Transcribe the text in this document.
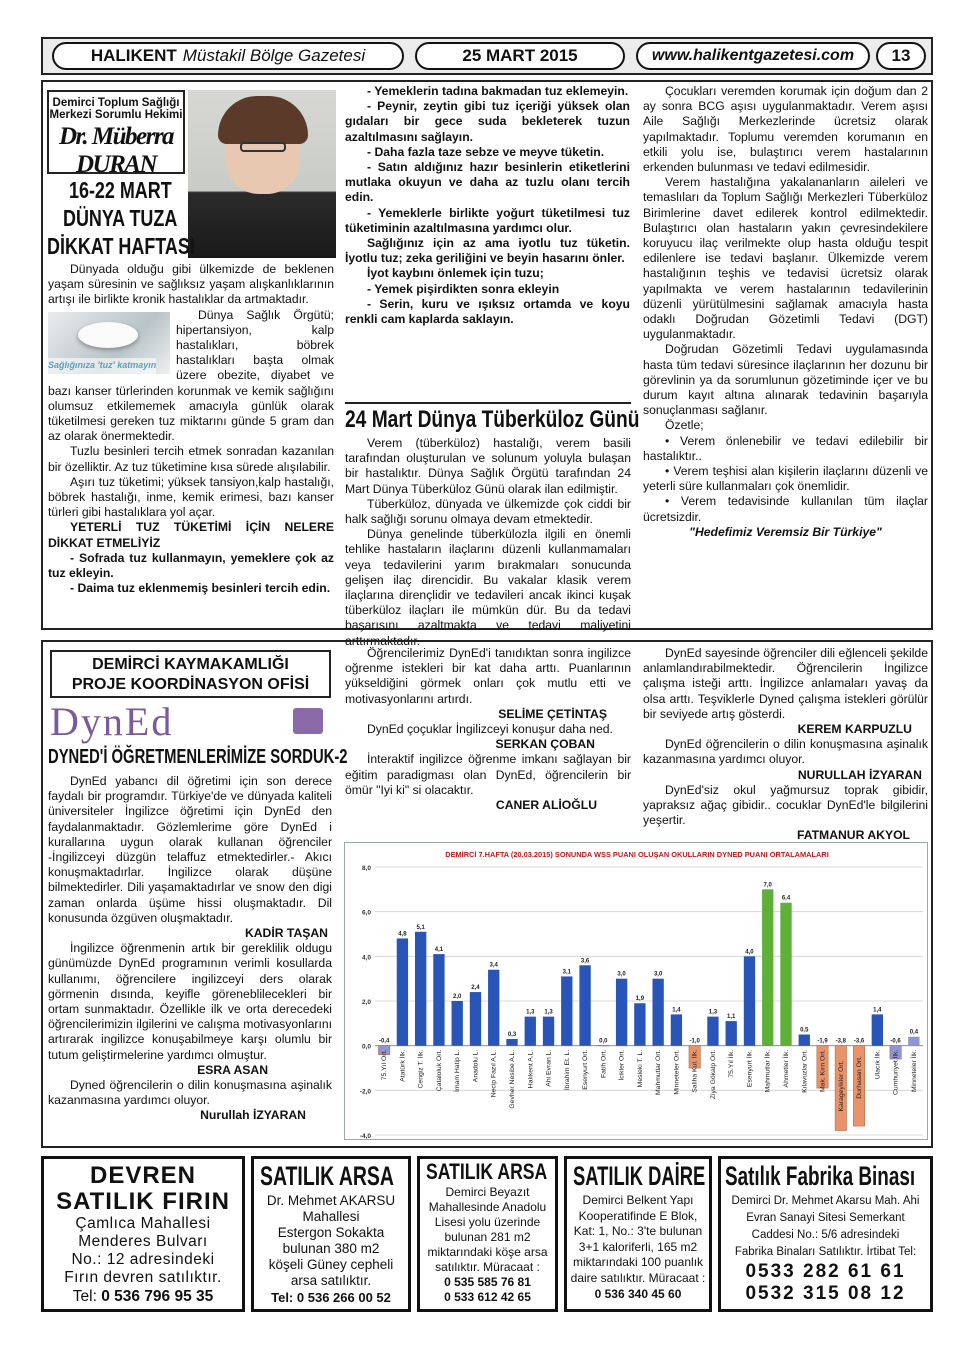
HALIKENT Müstakil Bölge Gazetesi	25 MART 2015	www.halikentgazetesi.com 13
Demirci Toplum Sağlığı
Merkezi Sorumlu Hekimi
Dr. Müberra DURAN
16-22 MART
DÜNYA TUZA
DİKKAT HAFTASI

Dünyada olduğu gibi ülkemizde de beklenen yaşam süresinin ve sağlıksız yaşam alışkanlıklarının artışı ile birlikte kronik hastalıklar da artmaktadır.

Sağlığınıza 'tuz' katmayın

Dünya Sağlık Örgütü; hipertansiyon, kalp hastalıkları, böbrek hastalıkları başta olmak üzere obezite, diyabet ve bazı kanser türlerinden korunmak ve kemik sağlığını olumsuz etkilememek amacıyla günlük olarak tüketilmesi gereken tuz miktarını günde 5 gram dan az olarak önermektedir.

Tuzlu besinleri tercih etmek sonradan kazanılan bir özelliktir. Az tuz tüketimine kısa sürede alışılabilir.

Aşırı tuz tüketimi; yüksek tansiyon,kalp hastalığı, böbrek hastalığı, inme, kemik erimesi, bazı kanser türleri gibi hastalıklara yol açar.

YETERLİ TUZ TÜKETİMİ İÇİN NELERE DİKKAT ETMELİYİZ

- Sofrada tuz kullanmayın, yemeklere çok az tuz ekleyin.

- Daima tuz eklenmemiş besinleri tercih edin.

- Yemeklerin tadına bakmadan tuz eklemeyin.

- Peynir, zeytin gibi tuz içeriği yüksek olan gıdaları bir gece suda bekleterek tuzun azaltılmasını sağlayın.

- Daha fazla taze sebze ve meyve tüketin.

- Satın aldığınız hazır besinlerin etiketlerini mutlaka okuyun ve daha az tuzlu olanı tercih edin.

- Yemeklerle birlikte yoğurt tüketilmesi tuz tüketiminin azaltılmasına yardımcı olur.

Sağlığınız için az ama iyotlu tuz tüketin. İyotlu tuz; zeka geriliğini ve beyin hasarını önler.

İyot kaybını önlemek için tuzu;

- Yemek pişirdikten sonra ekleyin

- Serin, kuru ve ışıksız ortamda ve koyu renkli cam kaplarda saklayın.

24 Mart Dünya Tüberküloz Günü

Verem (tüberküloz) hastalığı, verem basili tarafından oluşturulan ve solunum yoluyla bulaşan bir hastalıktır. Dünya Sağlık Örgütü tarafından 24 Mart Dünya Tüberküloz Günü olarak ilan edilmiştir.

Tüberküloz, dünyada ve ülkemizde çok ciddi bir halk sağlığı sorunu olmaya devam etmektedir.

Dünya genelinde tüberkülozla ilgili en önemli tehlike hastaların ilaçlarını düzenli kullanmamaları veya tedavilerini yarım bırakmaları sonucunda gelişen ilaç direncidir. Bu vakalar klasik verem ilaçlarına dirençlidir ve tedavileri ancak ikinci kuşak tüberküloz ilaçları ile mümkün dür. Bu da tedavi başarısını azaltmakta ve tedavi maliyetini arttırmaktadır.

Çocukları veremden korumak için doğum dan 2 ay sonra BCG aşısı uygulanmaktadır. Verem aşısı Aile Sağlığı Merkezlerinde ücretsiz olarak yapılmaktadır. Toplumu veremden korumanın en etkili yolu ise, bulaştırıcı verem hastalarının erkenden bulunması ve tedavi edilmesidir.

Verem hastalığına yakalananların aileleri ve temaslıları da Toplum Sağlığı Merkezleri Tüberküloz Birimlerine davet edilerek kontrol edilmektedir. Bulaştırıcı olan hastaların yakın çevresindekilere koruyucu ilaç verilmekte olup hasta olduğu tespit edilenlere ise tedavi başlanır. Ülkemizde verem hastalığının teşhis ve tedavisi ücretsiz olarak yapılmakta ve verem hastalarının tedavilerinin düzenli yürütülmesini sağlamak amacıyla hasta odaklı Doğrudan Gözetimli Tedavi (DGT) uygulanmaktadır.

Doğrudan Gözetimli Tedavi uygulamasında hasta tüm tedavi süresince ilaçlarının her dozunu bir görevlinin ya da sorumlunun gözetiminde içer ve bu durum kayıt altına alınarak tedavinin başarıyla sonuçlanması sağlanır.

Özetle;

• Verem önlenebilir ve tedavi edilebilir bir hastalıktır..

• Verem teşhisi alan kişilerin ilaçlarını düzenli ve yeterli süre kullanmaları çok önemlidir.

• Verem tedavisinde kullanılan tüm ilaçlar ücretsizdir.

"Hedefimiz Veremsiz Bir Türkiye"

DEMİRCİ KAYMAKAMLIĞI
PROJE KOORDİNASYON OFİSİ
DynEd
DYNED'İ ÖĞRETMENLERİMİZE SORDUK-2

DynEd yabancı dil öğretimi için son derece faydalı bir programdır. Türkiye'de ve dünyada kaliteli üniversiteler İngilizce öğretimi için DynEd den faydalanmaktadır. Gözlemlerime göre DynEd i kurallarına uygun olarak kullanan öğrenciler -İngilizceyi düzgün telaffuz etmektedirler.- Akıcı konuşmaktadırlar. İngilizce olarak düşüne bilmektedirler. Dili yaşamaktadırlar ve snow den digi zaman onlarda üşüme hissi oluşmaktadır. Dil konusunda özgüven oluşmaktadır.

KADİR TAŞAN

İngilizce öğrenmenin artık bir gereklilik oldugu günümüzde DynEd programının verimli kosullarda kullanımı, öğrencilere ingilizceyi ders olarak görmenin dısında, keyifle göreneblilecekleri bir ortam sunmaktadır. Özellikle ilk ve orta derecedeki öğrencilerimizin ilgilerini ve calışma motivasyonlarını artırarak ingilizce konuşabilmeye karşı olumlu bir tutum geliştirmelerine yardımcı olmuştur.

ESRA ASAN

Dyned öğrencilerin o dilin konuşmasına aşinalık kazanmasına yardımcı oluyor.

Nurullah İZYARAN

Öğrencilerimiz DynEd'i tanıdıktan sonra ingilizce oğrenme istekleri bir kat daha arttı. Puanlarının yükseldiğini görmek onları çok mutlu etti ve motivasyonlarını artırdı.

SELİME ÇETİNTAŞ

DynEd çoçuklar İngilizceyi konuşur daha ned.

SERKAN ÇOBAN

İnteraktif ingilizce öğrenme imkanı sağlayan bir eğitim paradigması olan DynEd, öğrencilerin bir ömür "Iyi ki" si olacaktır.

CANER ALİOĞLU

DynEd sayesinde öğrenciler dili eğlenceli şekilde anlamlandırabilmektedir. Öğrencilerin İngilizce çalışma isteği arttı. İngilizce anlamaları yavaş da olsa arttı. Teşviklerle Dyned çalışma istekleri görülür bir seviyede artış gösterdi.

KEREM KARPUZLU

DynEd öğrencilerin o dilin konuşmasına aşinalık kazanmasına yardımcı oluyor.

NURULLAH İZYARAN

DynEd'siz okul yağmursuz toprak gibidir, yapraksız ağaç gibidir.. cocuklar DynEd'le bilgilerini yeşertir.

FATMANUR AKYOL

DEMİRCİ 7.HAFTA (20.03.2015) SONUNDA WSS PUANI OLUŞAN OKULLARIN DYNED PUANI ORTALAMALARI
8,0
6,0
4,0
2,0
0,0
-2,0
-4,0
-0,4
75.Yıl Ort.
4,8
Atatürk İlk.
5,1
Cengiz T. İlk.
4,1
Çataloluk Ort.
2,0
İmam Hatip L.
2,4
Anadolu L.
3,4
Necip Fazıl A.L.
0,3
Gevher Nesibe A.L.
1,3
Halıkent A.L.
1,3
Ahi Evran L.
3,1
İbrahim Et. L.
3,6
Esenyurt Ort.
0,0
Fatih Ort.
3,0
İcikler Ort.
1,9
Mesleki T. L.
3,0
Mahmutlar Ort.
1,4
Minneteler Ort.
-1,0
Saliha Kul. İlk.
1,3
Ziya Gökalp Ort.
1,1
75.Yıl İlk.
4,0
Esenyurt İlk.
7,0
Mahmutlar İlk.
6,4
Ahmetler İlk.
0,5
Kılavuzlar Ort.
-1,9
Mak. Kırn Ort.
-3,8
Karageyikler Ort.
-3,6
Durhasan Ort.
1,4
Ulacık İlk.
-0,6
Cumhuriyet İlk.
0,4
Minneteler İlk.
DEVREN
SATILIK FIRIN
Çamlıca Mahallesi
Menderes Bulvarı
No.: 12 adresindeki
Fırın devren satılıktır.
Tel: 0 536 796 95 35
SATILIK ARSA
Dr. Mehmet AKARSU
Mahallesi
Estergon Sokakta
bulunan 380 m2
köşeli Güney cepheli
arsa satılıktır.
Tel: 0 536 266 00 52
SATILIK ARSA
Demirci Beyazıt
Mahallesinde Anadolu
Lisesi yolu üzerinde
bulunan 281 m2
miktarındaki köşe arsa
satılıktır. Müracaat :
0 535 585 76 81
0 533 612 42 65
SATILIK DAİRE
Demirci Belkent Yapı
Kooperatifinde E Blok,
Kat: 1, No.: 3'te bulunan
3+1 kaloriferli, 165 m2
miktarındaki 100 puanlık
daire satılıktır. Müracaat :
0 536 340 45 60
Satılık Fabrika Binası
Demirci Dr. Mehmet Akarsu Mah. Ahi
Evran Sanayi Sitesi Semerkant
Caddesi No.: 5/6 adresindeki
Fabrika Binaları Satılıktır. İrtibat Tel:
0533 282 61 61
0532 315 08 12
